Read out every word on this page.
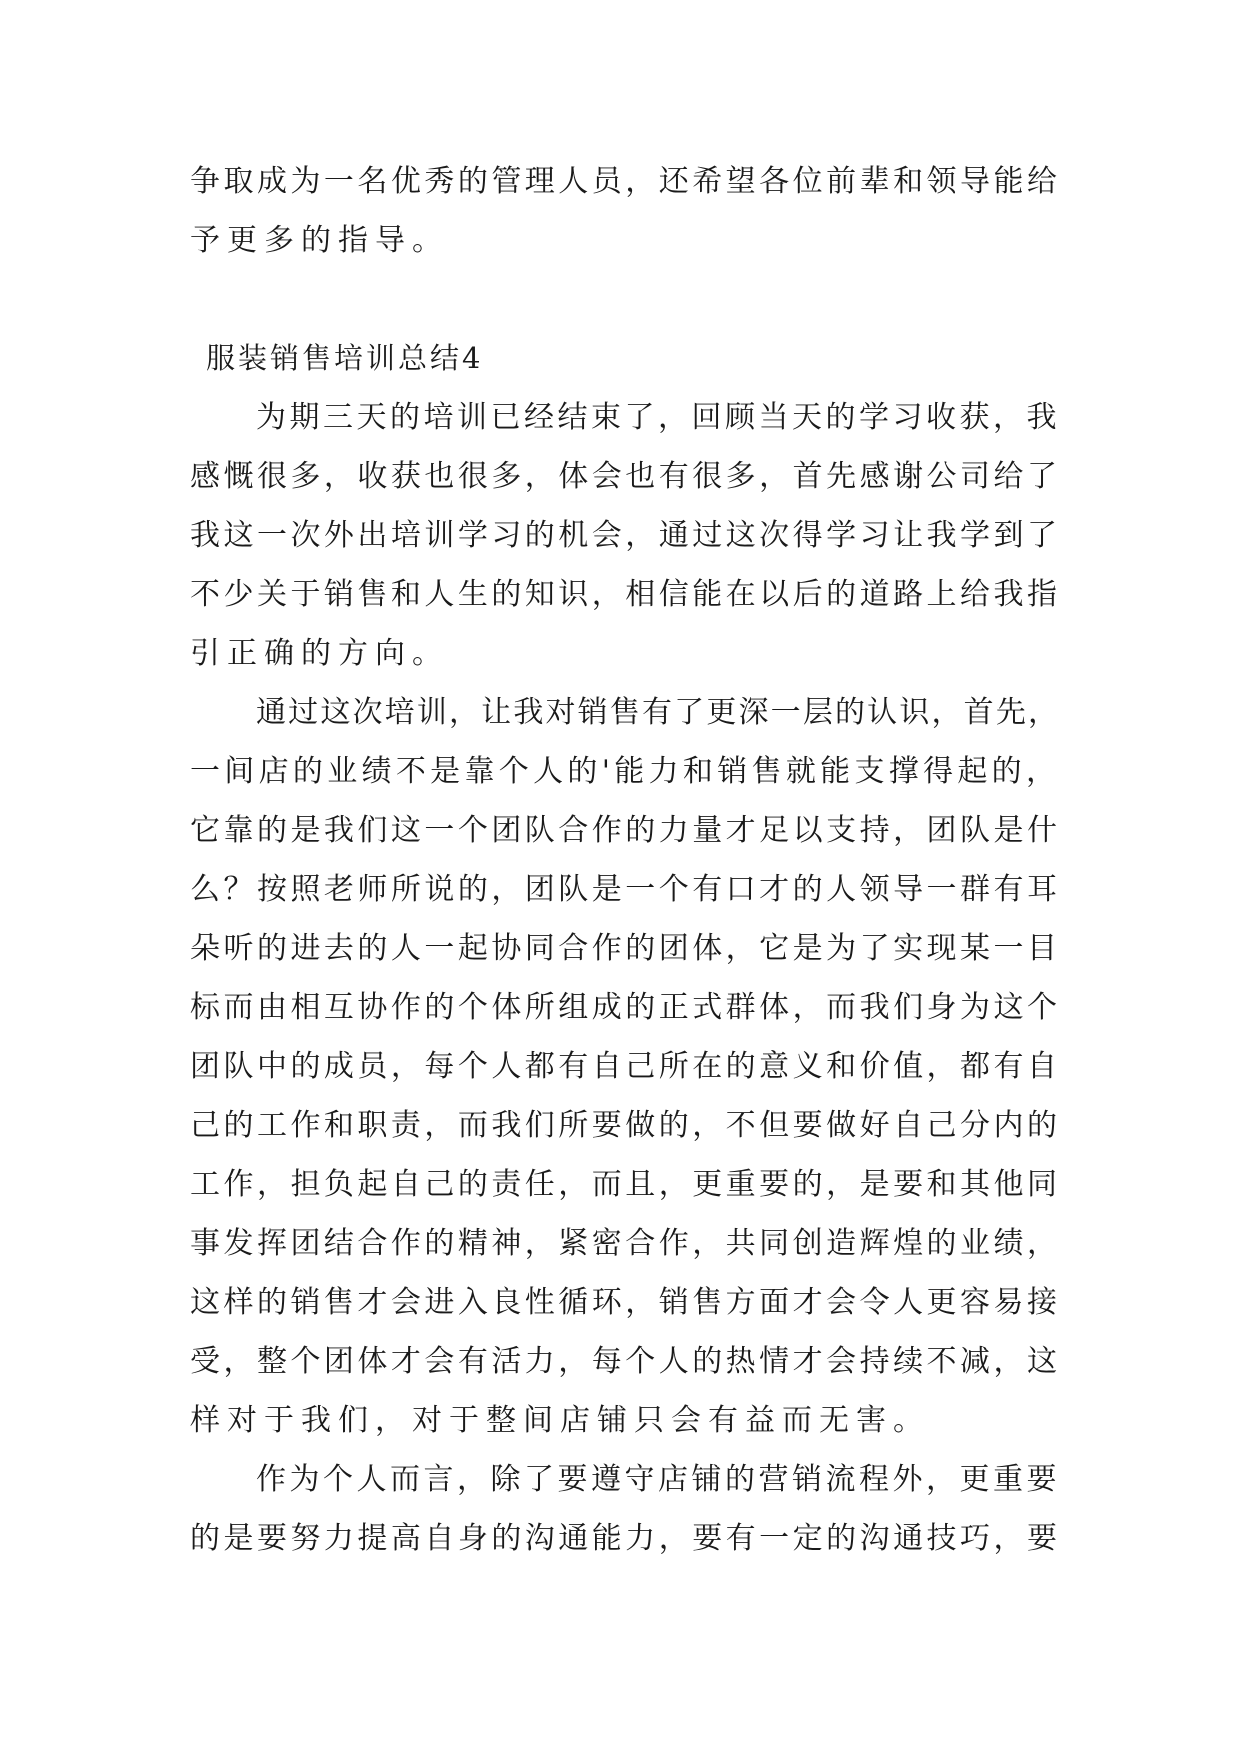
争取成为一名优秀的管理人员，还希望各位前辈和领导能给
予更多的指导。
服装销售培训总结4
为期三天的培训已经结束了，回顾当天的学习收获，我
感慨很多，收获也很多，体会也有很多，首先感谢公司给了
我这一次外出培训学习的机会，通过这次得学习让我学到了
不少关于销售和人生的知识，相信能在以后的道路上给我指
引正确的方向。
通过这次培训，让我对销售有了更深一层的认识，首先，
一间店的业绩不是靠个人的'能力和销售就能支撑得起的，
它靠的是我们这一个团队合作的力量才足以支持，团队是什
么？按照老师所说的，团队是一个有口才的人领导一群有耳
朵听的进去的人一起协同合作的团体，它是为了实现某一目
标而由相互协作的个体所组成的正式群体，而我们身为这个
团队中的成员，每个人都有自己所在的意义和价值，都有自
己的工作和职责，而我们所要做的，不但要做好自己分内的
工作，担负起自己的责任，而且，更重要的，是要和其他同
事发挥团结合作的精神，紧密合作，共同创造辉煌的业绩，
这样的销售才会进入良性循环，销售方面才会令人更容易接
受，整个团体才会有活力，每个人的热情才会持续不减，这
样对于我们，对于整间店铺只会有益而无害。
作为个人而言，除了要遵守店铺的营销流程外，更重要
的是要努力提高自身的沟通能力，要有一定的沟通技巧，要
